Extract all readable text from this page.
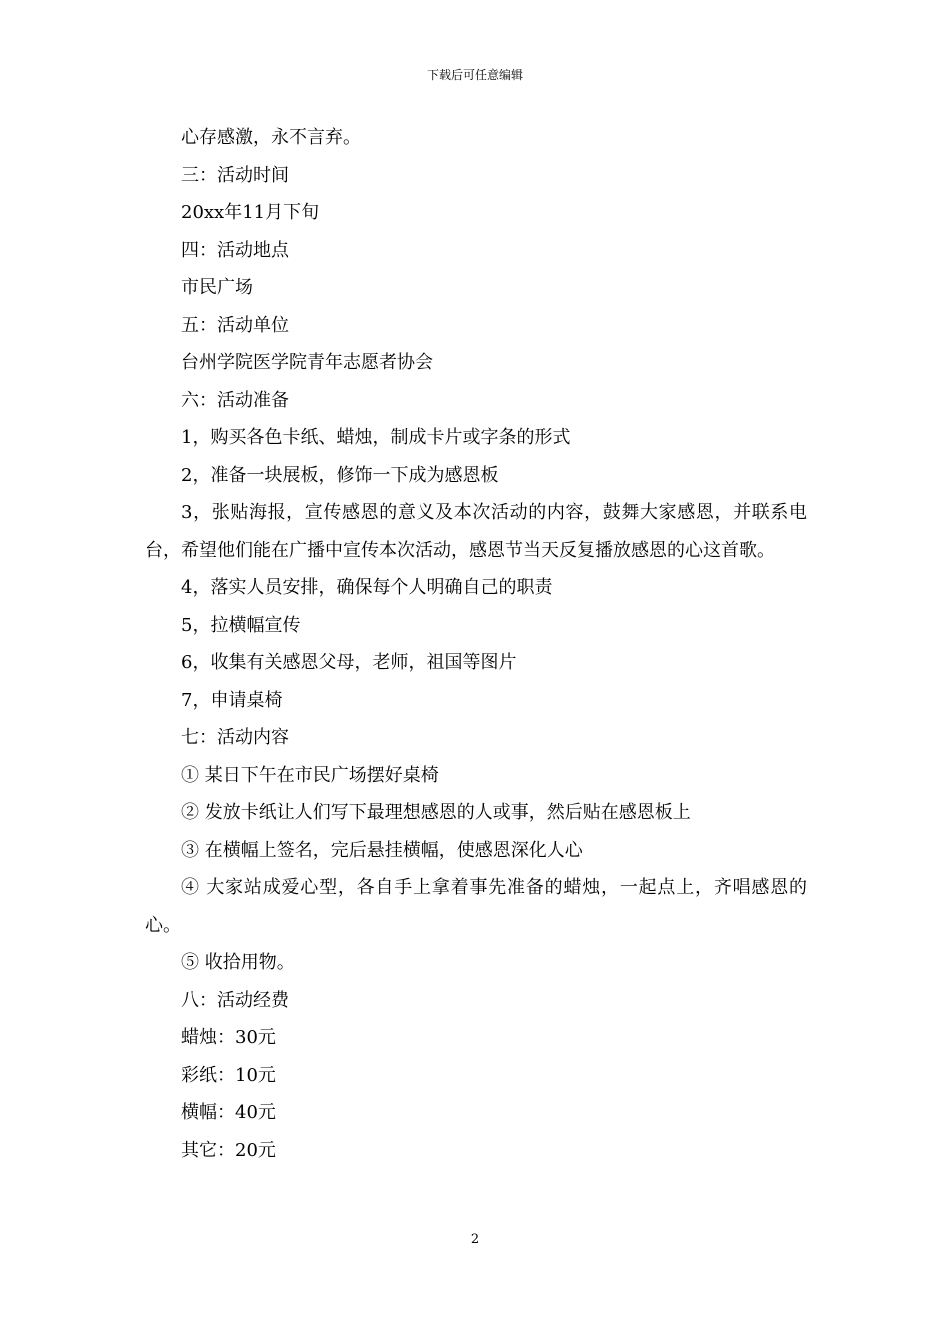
下载后可任意编辑

心存感激，永不言弃。

三：活动时间

20xx年11月下旬

四：活动地点

市民广场

五：活动单位

台州学院医学院青年志愿者协会

六：活动准备

1，购买各色卡纸、蜡烛，制成卡片或字条的形式

2，准备一块展板，修饰一下成为感恩板

3，张贴海报，宣传感恩的意义及本次活动的内容，鼓舞大家感恩，并联系电台，希望他们能在广播中宣传本次活动，感恩节当天反复播放感恩的心这首歌。

4，落实人员安排，确保每个人明确自己的职责

5，拉横幅宣传

6，收集有关感恩父母，老师，祖国等图片

7，申请桌椅

七：活动内容

① 某日下午在市民广场摆好桌椅

② 发放卡纸让人们写下最理想感恩的人或事，然后贴在感恩板上

③ 在横幅上签名，完后悬挂横幅，使感恩深化人心

④ 大家站成爱心型，各自手上拿着事先准备的蜡烛，一起点上，齐唱感恩的心。

⑤ 收拾用物。

八：活动经费

蜡烛：30元

彩纸：10元

横幅：40元

其它：20元

2
